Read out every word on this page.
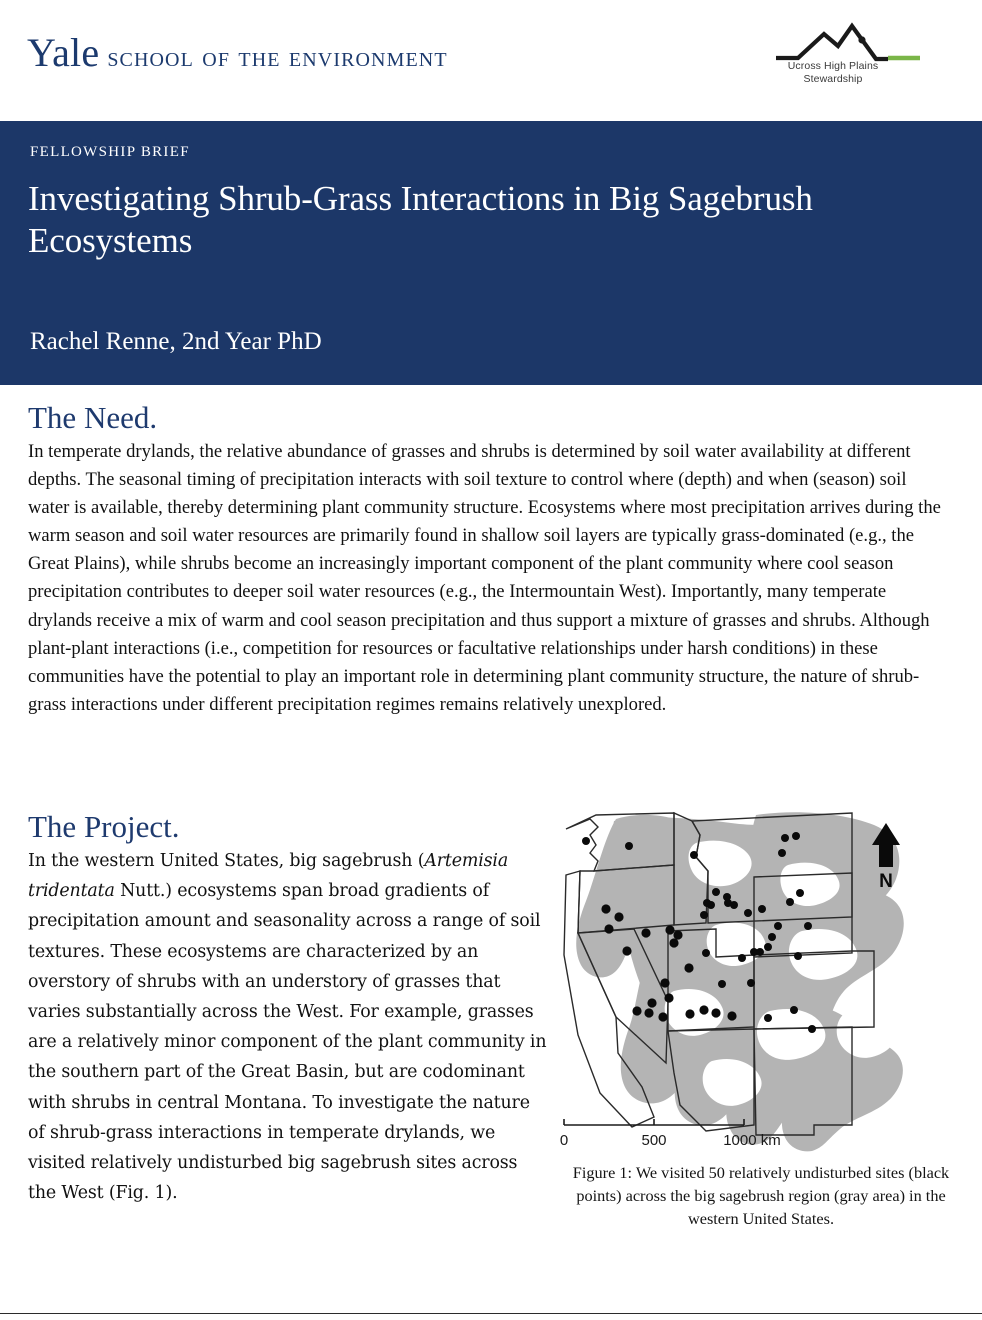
Yale school of the environment	Ucross High Plains
Stewardship
FELLOWSHIP BRIEF
Investigating Shrub-Grass Interactions in Big Sagebrush Ecosystems
Rachel Renne, 2nd Year PhD
The Need.

In temperate drylands, the relative abundance of grasses and shrubs is determined by soil water availability at different depths. The seasonal timing of precipitation interacts with soil texture to control where (depth) and when (season) soil water is available, thereby determining plant community structure. Ecosystems where most precipitation arrives during the warm season and soil water resources are primarily found in shallow soil layers are typically grass-dominated (e.g., the Great Plains), while shrubs become an increasingly important component of the plant community where cool season precipitation contributes to deeper soil water resources (e.g., the Intermountain West). Importantly, many temperate drylands receive a mix of warm and cool season precipitation and thus support a mixture of grasses and shrubs. Although plant-plant interactions (i.e., competition for resources or facultative relationships under harsh conditions) in these communities have the potential to play an important role in determining plant community structure, the nature of shrub-grass interactions under different precipitation regimes remains relatively unexplored.

The Project.

In the western United States, big sagebrush (Artemisia tridentata Nutt.) ecosystems span broad gradients of precipitation amount and seasonality across a range of soil textures. These ecosystems are characterized by an overstory of shrubs with an understory of grasses that varies substantially across the West. For example, grasses are a relatively minor component of the plant community in the southern part of the Great Basin, but are codominant with shrubs in central Montana. To investigate the nature of shrub-grass interactions in temperate drylands, we visited relatively undisturbed big sagebrush sites across the West (Fig. 1).

N
0	500	1000 km
Figure 1: We visited 50 relatively undisturbed sites (black points) across the big sagebrush region (gray area) in the western United States.
